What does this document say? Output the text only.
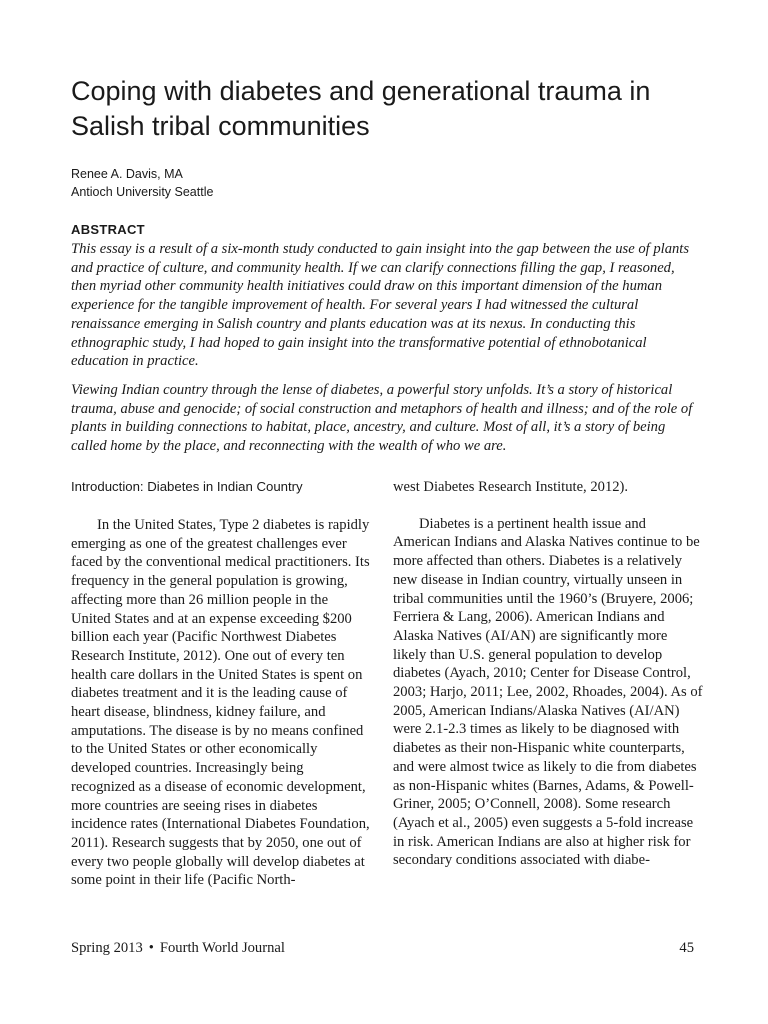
Coping with diabetes and generational trauma in Salish tribal communities
Renee A. Davis, MA
Antioch University Seattle
ABSTRACT

This essay is a result of a six-month study conducted to gain insight into the gap between the use of plants and practice of culture, and community health. If we can clarify connections filling the gap, I reasoned, then myriad other community health initiatives could draw on this important dimension of the human experience for the tangible improvement of health. For several years I had witnessed the cultural renaissance emerging in Salish country and plants education was at its nexus. In conducting this ethnographic study, I had hoped to gain insight into the transformative potential of ethnobotanical education in practice.

Viewing Indian country through the lense of diabetes, a powerful story unfolds. It’s a story of historical trauma, abuse and genocide; of social construction and metaphors of health and illness; and of the role of plants in building connections to habitat, place, ancestry, and culture. Most of all, it’s a story of being called home by the place, and reconnecting with the wealth of who we are.

Introduction: Diabetes in Indian Country

In the United States, Type 2 diabetes is rapidly emerging as one of the greatest challenges ever faced by the conventional medical practitioners. Its frequency in the general population is growing, affecting more than 26 million people in the United States and at an expense exceeding $200 billion each year (Pacific Northwest Diabetes Research Institute, 2012). One out of every ten health care dollars in the United States is spent on diabetes treatment and it is the leading cause of heart disease, blindness, kidney failure, and amputations. The disease is by no means confined to the United States or other economically developed countries. Increasingly being recognized as a disease of economic development, more countries are seeing rises in diabetes incidence rates (International Diabetes Foundation, 2011). Research suggests that by 2050, one out of every two people globally will develop diabetes at some point in their life (Pacific North-

west Diabetes Research Institute, 2012).

Diabetes is a pertinent health issue and American Indians and Alaska Natives continue to be more affected than others. Diabetes is a relatively new disease in Indian country, virtually unseen in tribal communities until the 1960’s (Bruyere, 2006; Ferriera & Lang, 2006). American Indians and Alaska Natives (AI/AN) are significantly more likely than U.S. general population to develop diabetes (Ayach, 2010; Center for Disease Control, 2003; Harjo, 2011; Lee, 2002, Rhoades, 2004). As of 2005, American Indians/Alaska Natives (AI/AN) were 2.1-2.3 times as likely to be diagnosed with diabetes as their non-Hispanic white counterparts, and were almost twice as likely to die from diabetes as non-Hispanic whites (Barnes, Adams, & Powell-Griner, 2005; O’Connell, 2008). Some research (Ayach et al., 2005) even suggests a 5-fold increase in risk. American Indians are also at higher risk for secondary conditions associated with diabe-

Spring 2013 • Fourth World Journal	45
